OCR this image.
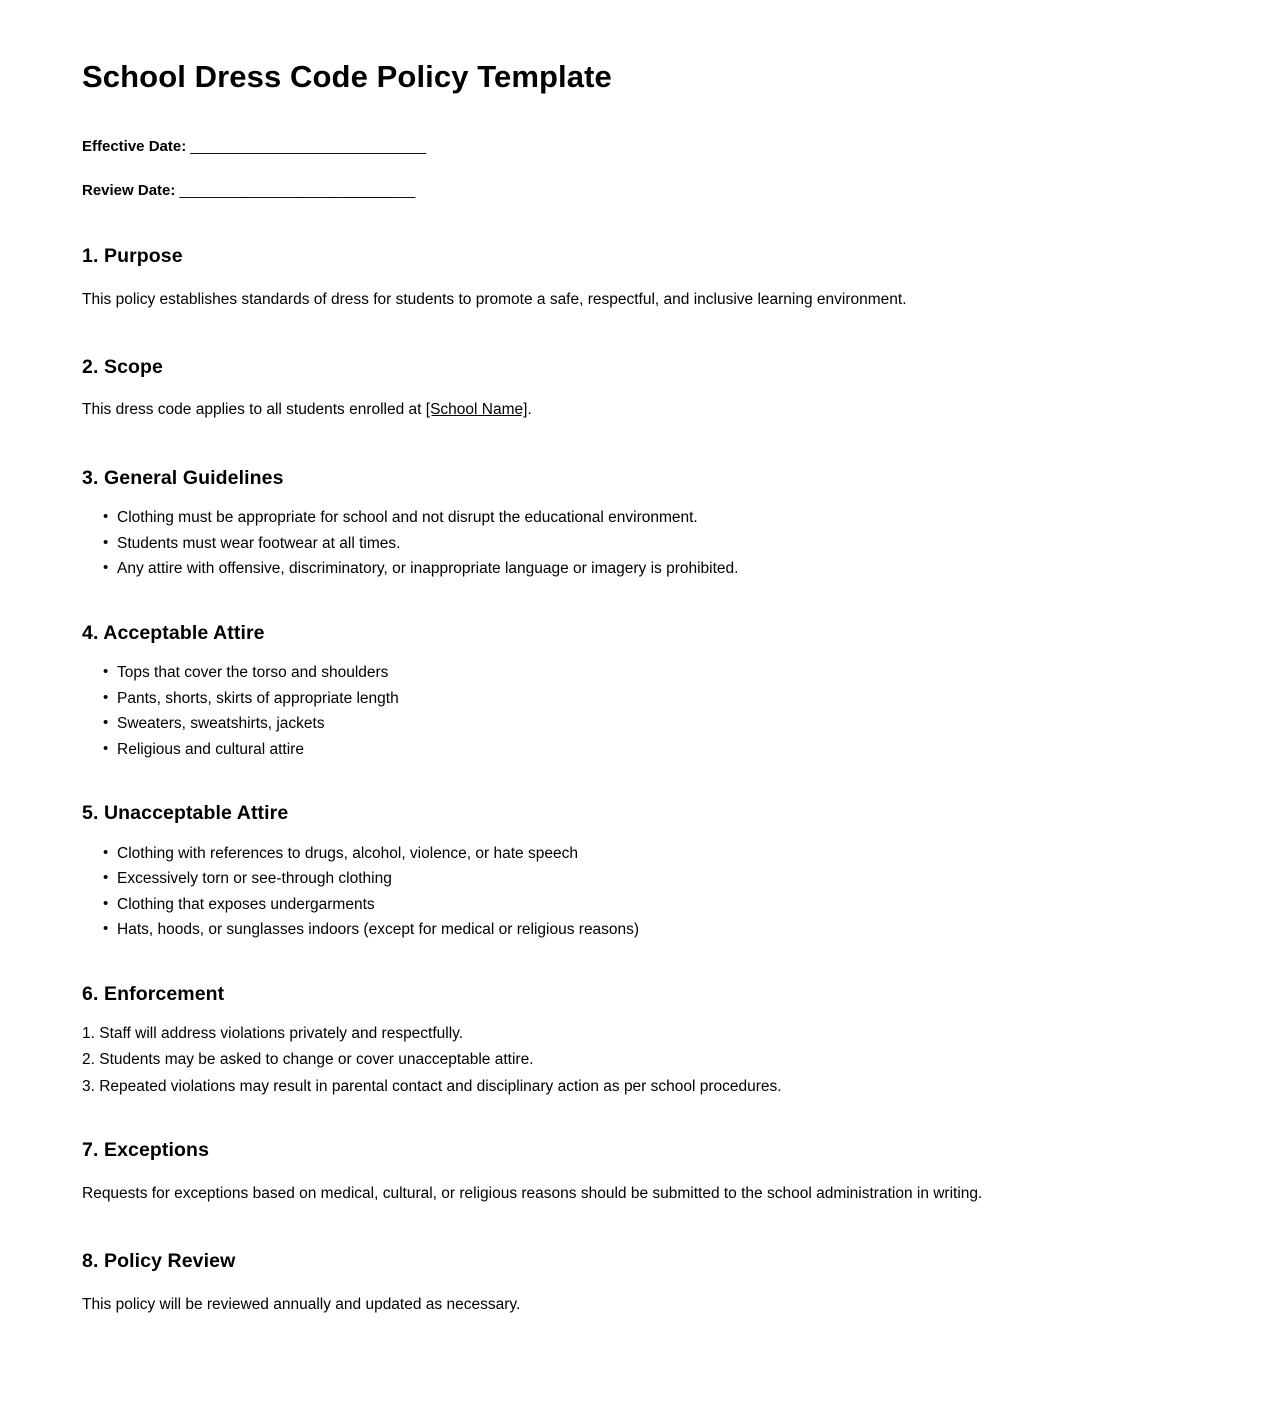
School Dress Code Policy Template
Effective Date: ______________________________
Review Date: ______________________________
1. Purpose

This policy establishes standards of dress for students to promote a safe, respectful, and inclusive learning environment.

2. Scope

This dress code applies to all students enrolled at [School Name].

3. General Guidelines
• Clothing must be appropriate for school and not disrupt the educational environment.
• Students must wear footwear at all times.
• Any attire with offensive, discriminatory, or inappropriate language or imagery is prohibited.
4. Acceptable Attire
• Tops that cover the torso and shoulders
• Pants, shorts, skirts of appropriate length
• Sweaters, sweatshirts, jackets
• Religious and cultural attire
5. Unacceptable Attire
• Clothing with references to drugs, alcohol, violence, or hate speech
• Excessively torn or see-through clothing
• Clothing that exposes undergarments
• Hats, hoods, or sunglasses indoors (except for medical or religious reasons)
6. Enforcement
1. Staff will address violations privately and respectfully.
2. Students may be asked to change or cover unacceptable attire.
3. Repeated violations may result in parental contact and disciplinary action as per school procedures.
7. Exceptions

Requests for exceptions based on medical, cultural, or religious reasons should be submitted to the school administration in writing.

8. Policy Review

This policy will be reviewed annually and updated as necessary.
